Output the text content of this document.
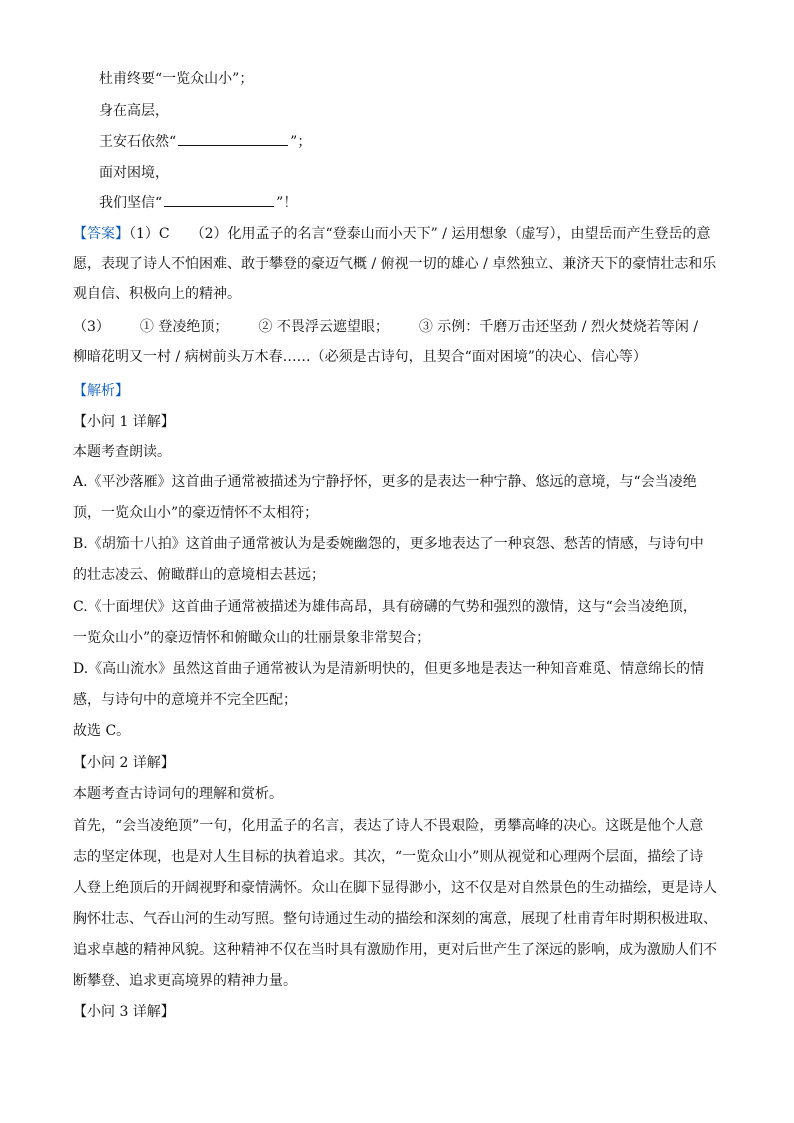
杜甫终要“一览众山小”；
身在高层，
王安石依然“	”；
面对困境，
我们坚信“	”！
【答案】（1）C　　（2）化用孟子的名言“登泰山而小天下” / 运用想象（虚写），由望岳而产生登岳的意
愿，表现了诗人不怕困难、敢于攀登的豪迈气概 / 俯视一切的雄心 / 卓然独立、兼济天下的豪情壮志和乐
观自信、积极向上的精神。
（3） ① 登凌绝顶； ② 不畏浮云遮望眼； ③ 示例：千磨万击还坚劲 / 烈火焚烧若等闲 /
柳暗花明又一村 / 病树前头万木春……（必须是古诗句，且契合“面对困境”的决心、信心等）
【解析】
【小问 1 详解】
本题考查朗读。
A.《平沙落雁》这首曲子通常被描述为宁静抒怀，更多的是表达一种宁静、悠远的意境，与“会当凌绝
顶，一览众山小”的豪迈情怀不太相符；
B.《胡笳十八拍》这首曲子通常被认为是委婉幽怨的，更多地表达了一种哀怨、愁苦的情感，与诗句中
的壮志凌云、俯瞰群山的意境相去甚远；
C.《十面埋伏》这首曲子通常被描述为雄伟高昂，具有磅礴的气势和强烈的激情，这与“会当凌绝顶，
一览众山小”的豪迈情怀和俯瞰众山的壮丽景象非常契合；
D.《高山流水》虽然这首曲子通常被认为是清新明快的，但更多地是表达一种知音难觅、情意绵长的情
感，与诗句中的意境并不完全匹配；
故选 C。
【小问 2 详解】
本题考查古诗词句的理解和赏析。
首先，“会当凌绝顶”一句，化用孟子的名言，表达了诗人不畏艰险，勇攀高峰的决心。这既是他个人意
志的坚定体现，也是对人生目标的执着追求。其次，“一览众山小”则从视觉和心理两个层面，描绘了诗
人登上绝顶后的开阔视野和豪情满怀。众山在脚下显得渺小，这不仅是对自然景色的生动描绘，更是诗人
胸怀壮志、气吞山河的生动写照。整句诗通过生动的描绘和深刻的寓意，展现了杜甫青年时期积极进取、
追求卓越的精神风貌。这种精神不仅在当时具有激励作用，更对后世产生了深远的影响，成为激励人们不
断攀登、追求更高境界的精神力量。
【小问 3 详解】
